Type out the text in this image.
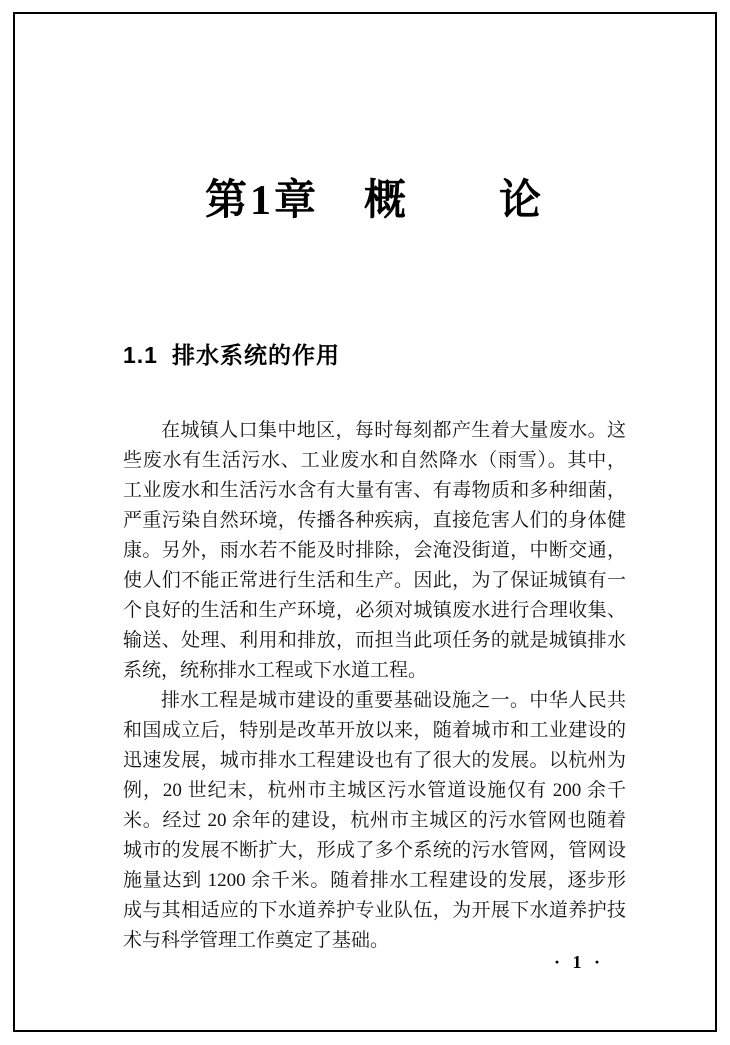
第1章　概　　论
1.1 排水系统的作用

在城镇人口集中地区，每时每刻都产生着大量废水。这些废水有生活污水、工业废水和自然降水（雨雪）。其中，工业废水和生活污水含有大量有害、有毒物质和多种细菌，严重污染自然环境，传播各种疾病，直接危害人们的身体健康。另外，雨水若不能及时排除，会淹没街道，中断交通，使人们不能正常进行生活和生产。因此，为了保证城镇有一个良好的生活和生产环境，必须对城镇废水进行合理收集、输送、处理、利用和排放，而担当此项任务的就是城镇排水系统，统称排水工程或下水道工程。

排水工程是城市建设的重要基础设施之一。中华人民共和国成立后，特别是改革开放以来，随着城市和工业建设的迅速发展，城市排水工程建设也有了很大的发展。以杭州为例，20 世纪末，杭州市主城区污水管道设施仅有 200 余千米。经过 20 余年的建设，杭州市主城区的污水管网也随着城市的发展不断扩大，形成了多个系统的污水管网，管网设施量达到 1200 余千米。随着排水工程建设的发展，逐步形成与其相适应的下水道养护专业队伍，为开展下水道养护技术与科学管理工作奠定了基础。

· 1 ·
